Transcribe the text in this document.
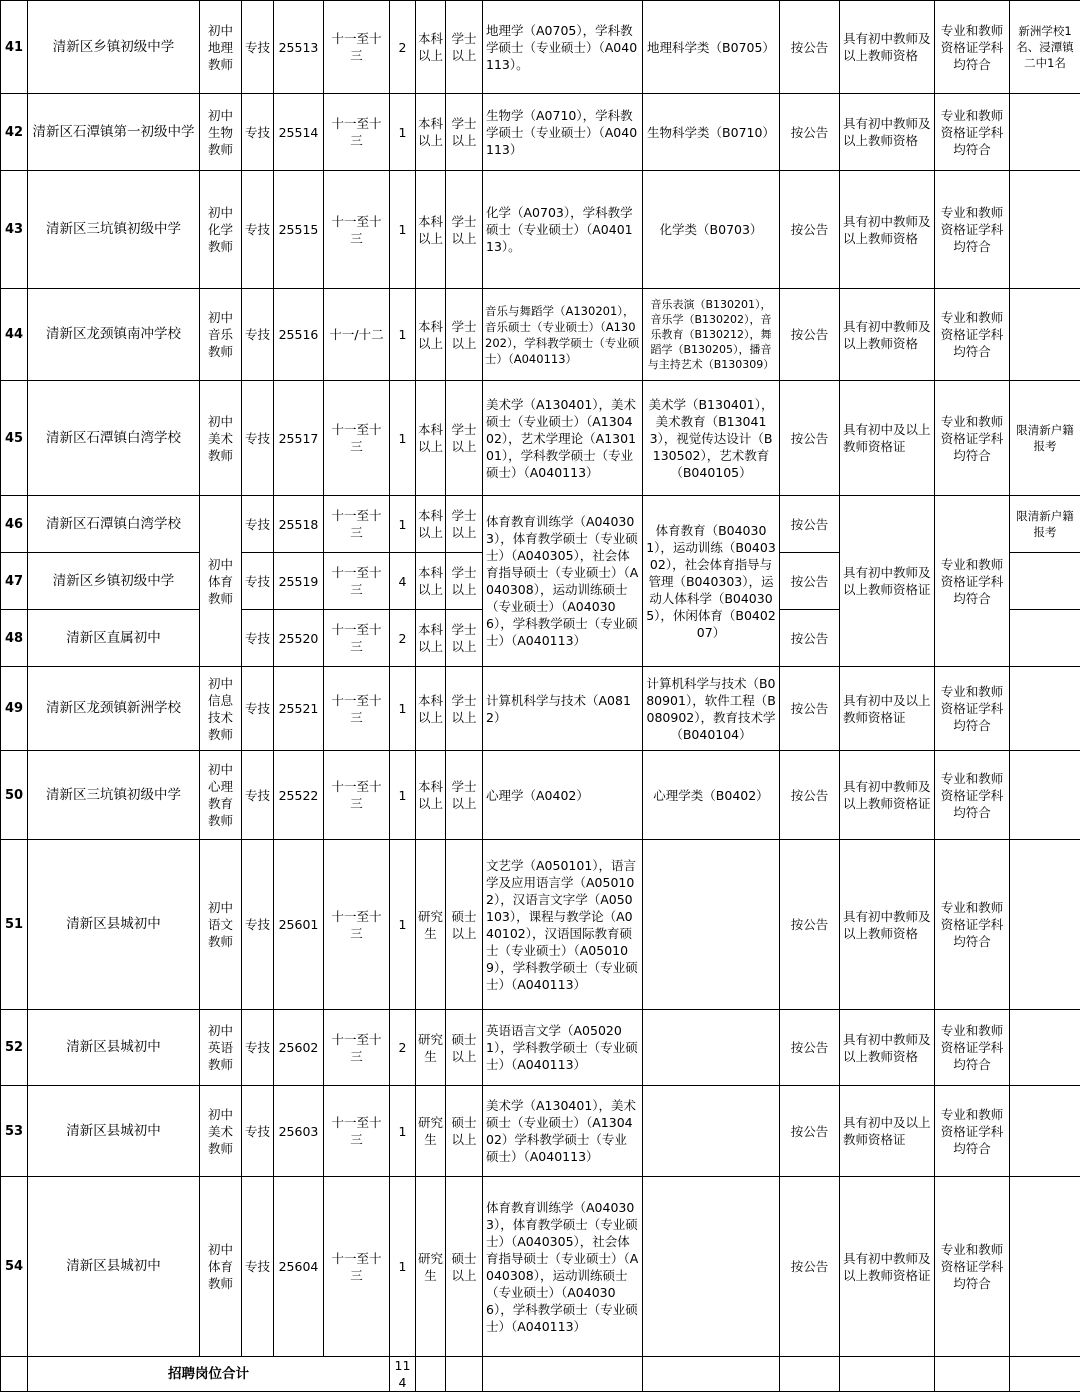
41	清新区乡镇初级中学	初中地理教师	专技	25513	十一至十三	2	本科以上	学士以上	地理学（A0705），学科教学硕士（专业硕士）（A040113）。	地理科学类（B0705）	按公告	具有初中教师及以上教师资格	专业和教师资格证学科均符合	新洲学校1名、浸潭镇二中1名
42	清新区石潭镇第一初级中学	初中生物教师	专技	25514	十一至十三	1	本科以上	学士以上	生物学（A0710），学科教学硕士（专业硕士）（A040113）	生物科学类（B0710）	按公告	具有初中教师及以上教师资格	专业和教师资格证学科均符合	
43	清新区三坑镇初级中学	初中化学教师	专技	25515	十一至十三	1	本科以上	学士以上	化学（A0703），学科教学硕士（专业硕士）（A040113）。	化学类（B0703）	按公告	具有初中教师及以上教师资格	专业和教师资格证学科均符合	
44	清新区龙颈镇南冲学校	初中音乐教师	专技	25516	十一/十二	1	本科以上	学士以上	音乐与舞蹈学（A130201），音乐硕士（专业硕士）（A130202），学科教学硕士（专业硕士）（A040113）	音乐表演（B130201），音乐学（B130202），音乐教育（B130212），舞蹈学（B130205），播音与主持艺术（B130309）	按公告	具有初中教师及以上教师资格	专业和教师资格证学科均符合	
45	清新区石潭镇白湾学校	初中美术教师	专技	25517	十一至十三	1	本科以上	学士以上	美术学（A130401），美术硕士（专业硕士）（A130402），艺术学理论（A130101），学科教学硕士（专业硕士）（A040113）	美术学（B130401），美术教育（B130413），视觉传达设计（B130502），艺术教育（B040105）	按公告	具有初中及以上教师资格证	专业和教师资格证学科均符合	限清新户籍报考
46	清新区石潭镇白湾学校	初中体育教师	专技	25518	十一至十三	1	本科以上	学士以上	体育教育训练学（A040303），体育教学硕士（专业硕士）（A040305），社会体育指导硕士（专业硕士）（A040308），运动训练硕士（专业硕士）（A040306），学科教学硕士（专业硕士）（A040113）	体育教育（B040301），运动训练（B040302），社会体育指导与管理（B040303），运动人体科学（B040305），休闲体育（B040207）	按公告	具有初中教师及以上教师资格证	专业和教师资格证学科均符合	限清新户籍报考
47	清新区乡镇初级中学		专技	25519	十一至十三	4	本科以上	学士以上			按公告			
48	清新区直属初中		专技	25520	十一至十三	2	本科以上	学士以上			按公告			
49	清新区龙颈镇新洲学校	初中信息技术教师	专技	25521	十一至十三	1	本科以上	学士以上	计算机科学与技术（A0812）	计算机科学与技术（B080901），软件工程（B080902），教育技术学（B040104）	按公告	具有初中及以上教师资格证	专业和教师资格证学科均符合	
50	清新区三坑镇初级中学	初中心理教育教师	专技	25522	十一至十三	1	本科以上	学士以上	心理学（A0402）	心理学类（B0402）	按公告	具有初中教师及以上教师资格证	专业和教师资格证学科均符合	
51	清新区县城初中	初中语文教师	专技	25601	十一至十三	1	研究生	硕士以上	文艺学（A050101），语言学及应用语言学（A050102），汉语言文字学（A050103），课程与教学论（A040102），汉语国际教育硕士（专业硕士）（A050109），学科教学硕士（专业硕士）（A040113）		按公告	具有初中教师及以上教师资格	专业和教师资格证学科均符合	
52	清新区县城初中	初中英语教师	专技	25602	十一至十三	2	研究生	硕士以上	英语语言文学（A050201），学科教学硕士（专业硕士）（A040113）		按公告	具有初中教师及以上教师资格	专业和教师资格证学科均符合	
53	清新区县城初中	初中美术教师	专技	25603	十一至十三	1	研究生	硕士以上	美术学（A130401），美术硕士（专业硕士）（A130402）学科教学硕士（专业硕士）（A040113）		按公告	具有初中及以上教师资格证	专业和教师资格证学科均符合	
54	清新区县城初中	初中体育教师	专技	25604	十一至十三	1	研究生	硕士以上	体育教育训练学（A040303），体育教学硕士（专业硕士）（A040305），社会体育指导硕士（专业硕士）（A040308），运动训练硕士（专业硕士）（A040306），学科教学硕士（专业硕士）（A040113）		按公告	具有初中教师及以上教师资格证	专业和教师资格证学科均符合	
	招聘岗位合计					114								
